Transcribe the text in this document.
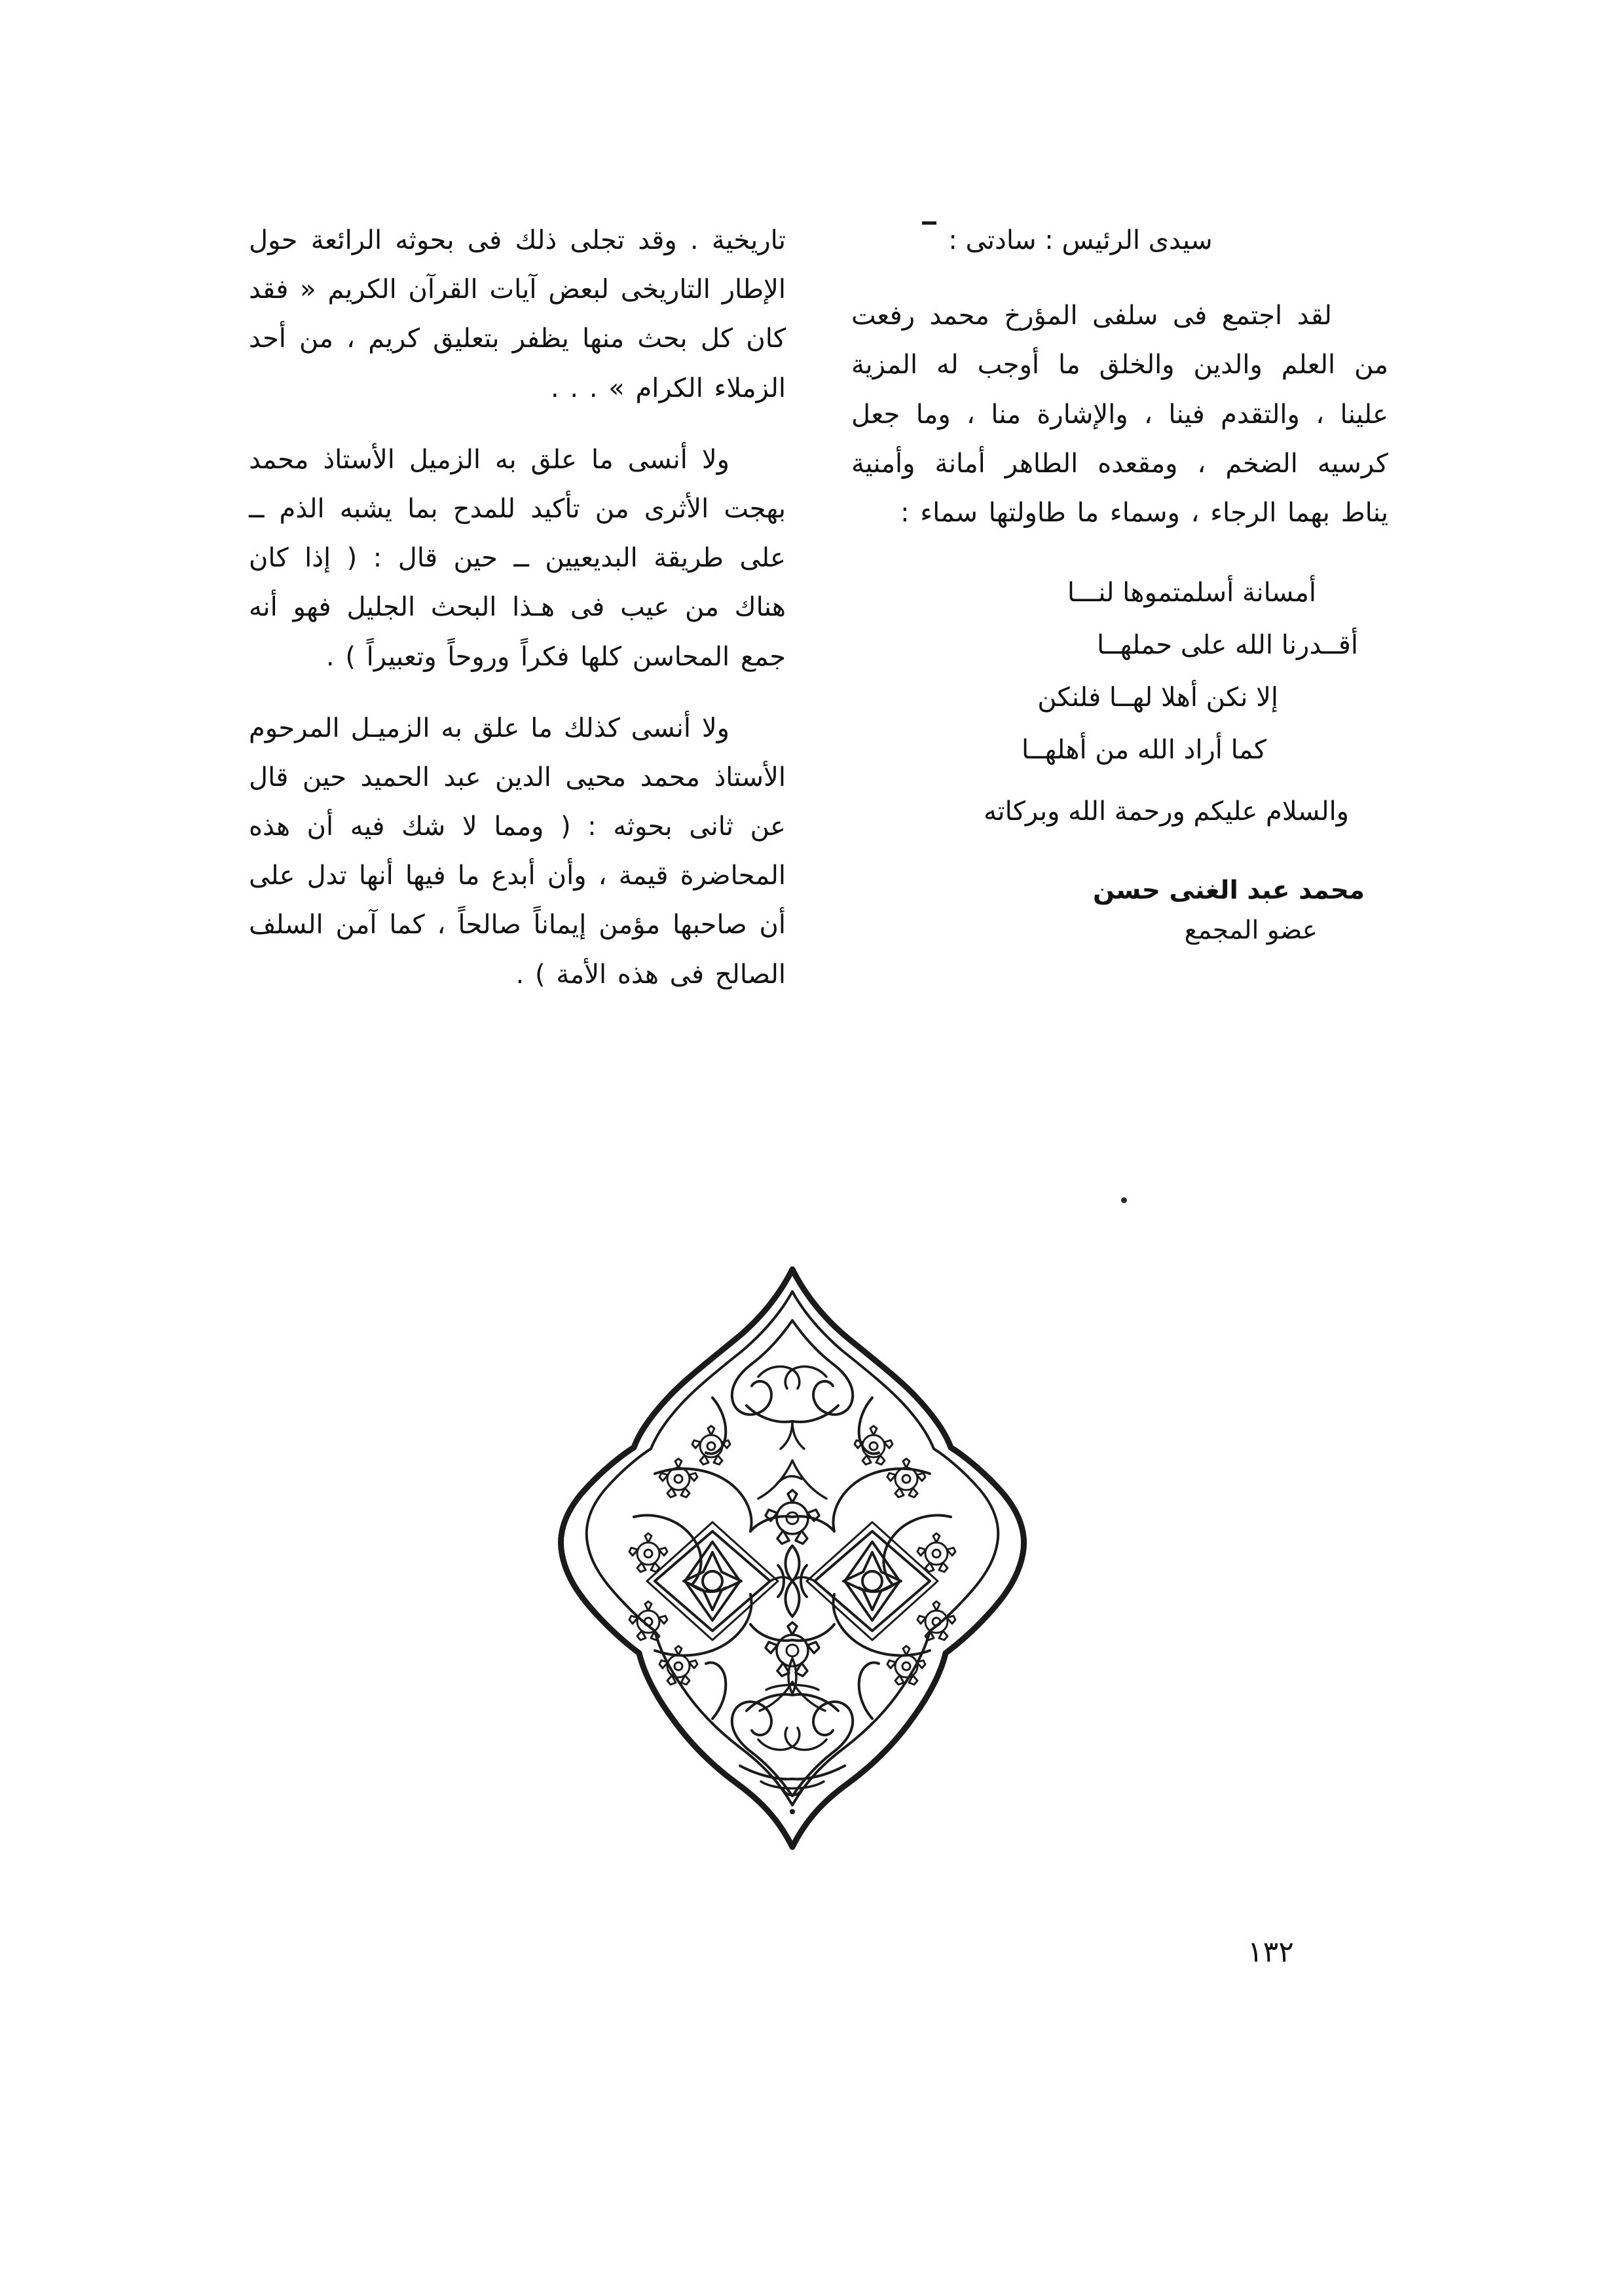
تاريخية . وقد تجلى ذلك فى بحوثه الرائعة حول الإطار التاريخى لبعض آيات القرآن الكريم « فقد كان كل بحث منها يظفر بتعليق كريم ، من أحد الزملاء الكرام » . . .

ولا أنسى ما علق به الزميل الأستاذ محمد بهجت الأثرى من تأكيد للمدح بما يشبه الذم ــ على طريقة البديعيين ــ حين قال : ( إذا كان هناك من عيب فى هـذا البحث الجليل فهو أنه جمع المحاسن كلها فكراً وروحاً وتعبيراً ) .

ولا أنسى كذلك ما علق به الزميـل المرحوم الأستاذ محمد محيى الدين عبد الحميد حين قال عن ثانى بحوثه : ( ومما لا شك فيه أن هذه المحاضرة قيمة ، وأن أبدع ما فيها أنها تدل على أن صاحبها مؤمن إيماناً صالحاً ، كما آمن السلف الصالح فى هذه الأمة ) .

سيدى الرئيس : سادتى :

لقد اجتمع فى سلفى المؤرخ محمد رفعت من العلم والدين والخلق ما أوجب له المزية علينا ، والتقدم فينا ، والإشارة منا ، وما جعل كرسيه الضخم ، ومقعده الطاهر أمانة وأمنية يناط بهما الرجاء ، وسماء ما طاولتها سماء :

أمسانة أسلمتموها لنـــا
أقــدرنا الله على حملهــا
إلا نكن أهلا لهــا فلنكن
كما أراد الله من أهلهــا
والسلام عليكم ورحمة الله وبركاته
محمد عبد الغنى حسن
عضو المجمع
١٣٢
